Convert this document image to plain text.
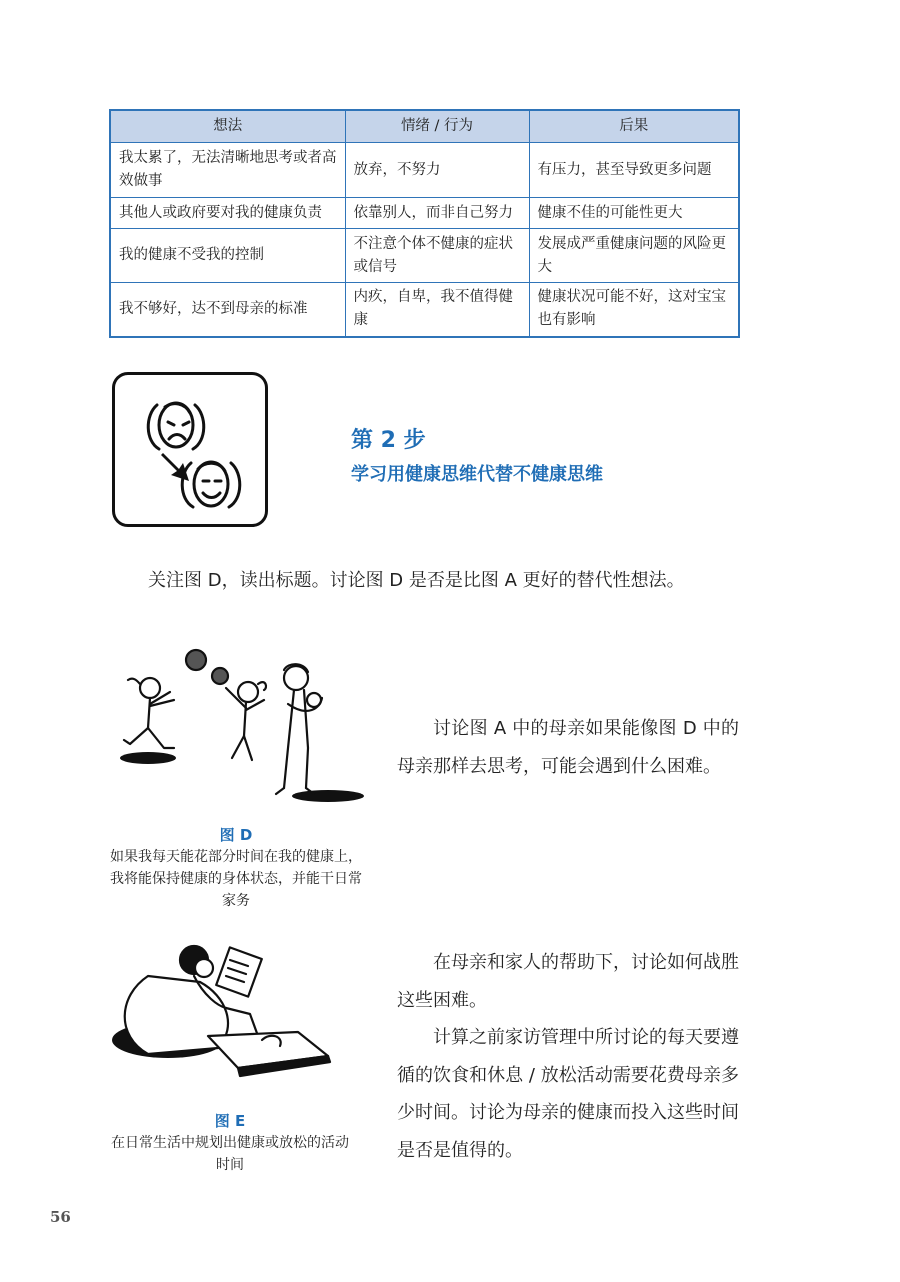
想法	情绪 / 行为	后果
我太累了，无法清晰地思考或者高效做事	放弃，不努力	有压力，甚至导致更多问题
其他人或政府要对我的健康负责	依靠别人，而非自己努力	健康不佳的可能性更大
我的健康不受我的控制	不注意个体不健康的症状或信号	发展成严重健康问题的风险更大
我不够好，达不到母亲的标准	内疚，自卑，我不值得健康	健康状况可能不好，这对宝宝也有影响
第 2 步
学习用健康思维代替不健康思维

关注图 D，读出标题。讨论图 D 是否是比图 A 更好的替代性想法。

图 D

如果我每天能花部分时间在我的健康上，我将能保持健康的身体状态，并能干日常家务

讨论图 A 中的母亲如果能像图 D 中的母亲那样去思考，可能会遇到什么困难。

图 E

在日常生活中规划出健康或放松的活动时间

在母亲和家人的帮助下，讨论如何战胜这些困难。

计算之前家访管理中所讨论的每天要遵循的饮食和休息 / 放松活动需要花费母亲多少时间。讨论为母亲的健康而投入这些时间是否是值得的。

56
